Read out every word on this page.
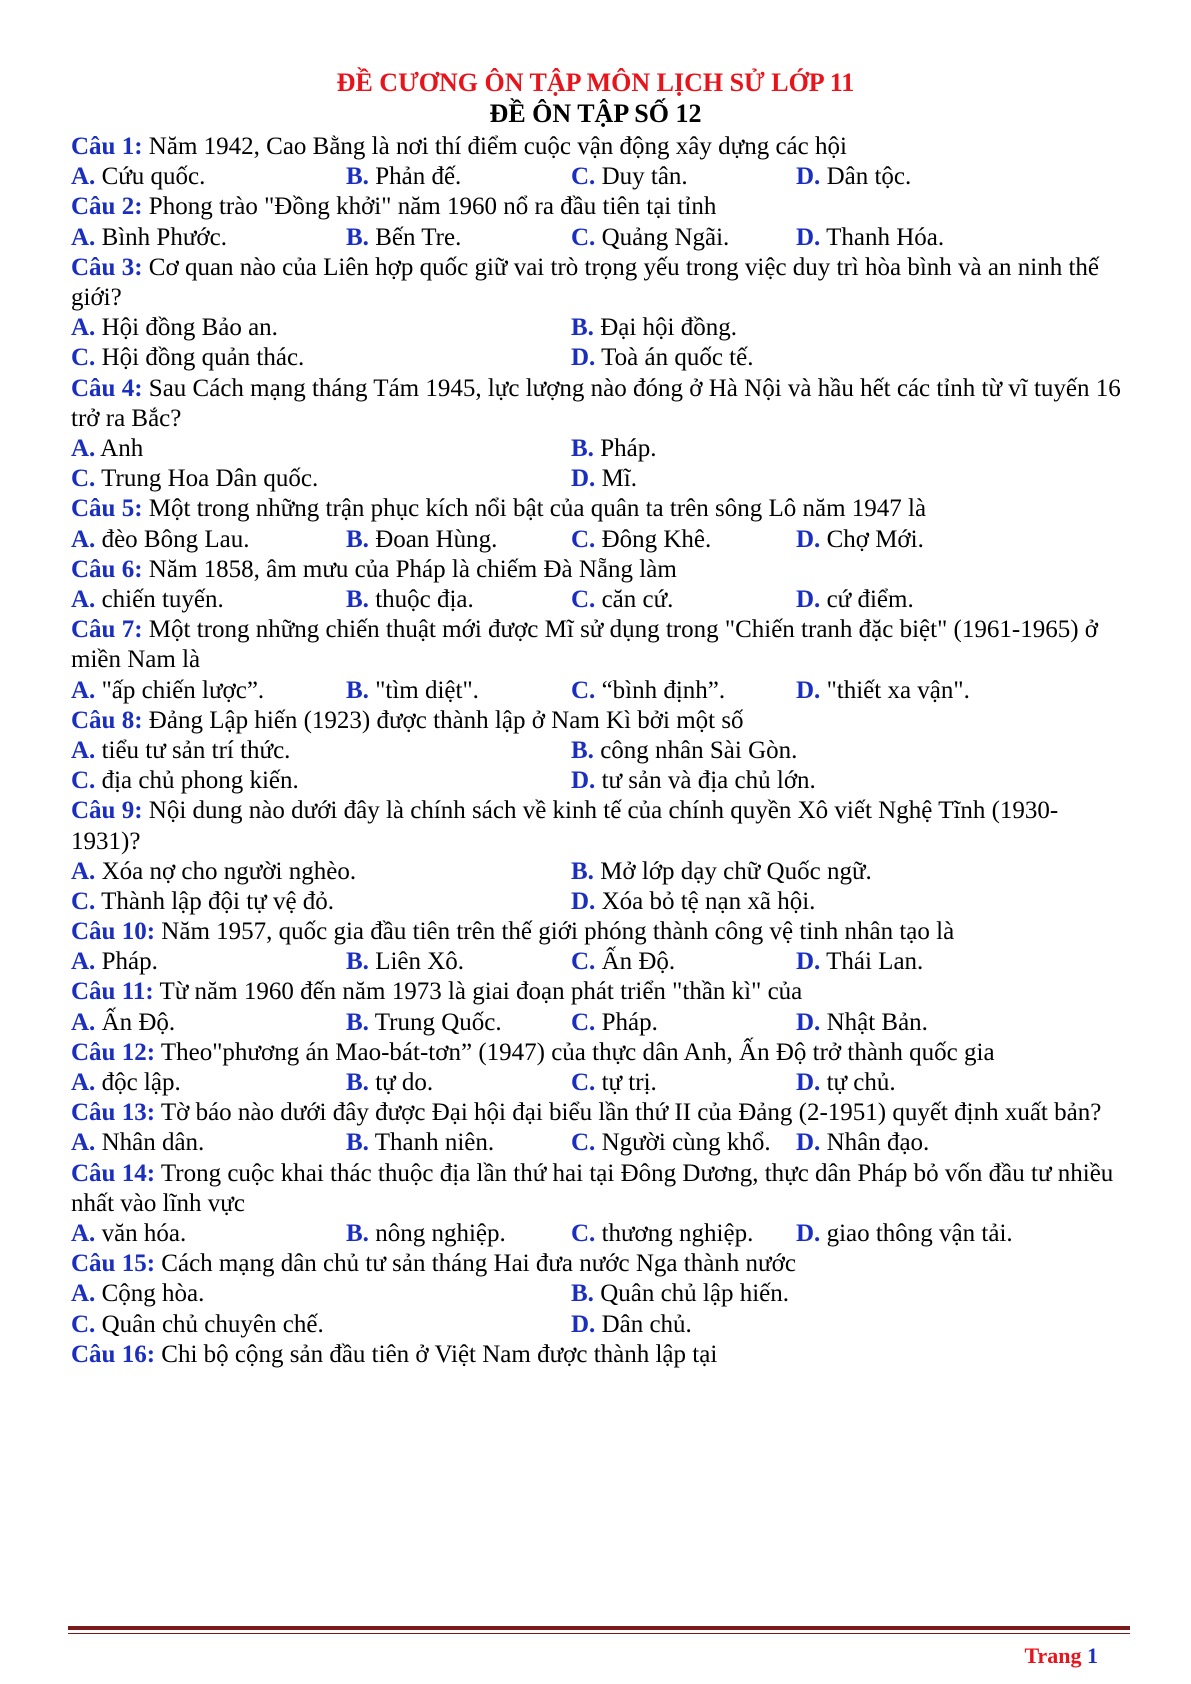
ĐỀ CƯƠNG ÔN TẬP MÔN LỊCH SỬ LỚP 11
ĐỀ ÔN TẬP SỐ 12
Câu 1: Năm 1942, Cao Bằng là nơi thí điểm cuộc vận động xây dựng các hội
A. Cứu quốc.	B. Phản đế.	C. Duy tân.	D. Dân tộc.
Câu 2: Phong trào "Đồng khởi" năm 1960 nổ ra đầu tiên tại tỉnh
A. Bình Phước.	B. Bến Tre.	C. Quảng Ngãi.	D. Thanh Hóa.
Câu 3: Cơ quan nào của Liên hợp quốc giữ vai trò trọng yếu trong việc duy trì hòa bình và an ninh thế giới?
A. Hội đồng Bảo an.	B. Đại hội đồng.
C. Hội đồng quản thác.	D. Toà án quốc tế.
Câu 4: Sau Cách mạng tháng Tám 1945, lực lượng nào đóng ở Hà Nội và hầu hết các tỉnh từ vĩ tuyến 16 trở ra Bắc?
A. Anh	B. Pháp.
C. Trung Hoa Dân quốc.	D. Mĩ.
Câu 5: Một trong những trận phục kích nổi bật của quân ta trên sông Lô năm 1947 là
A. đèo Bông Lau.	B. Đoan Hùng.	C. Đông Khê.	D. Chợ Mới.
Câu 6: Năm 1858, âm mưu của Pháp là chiếm Đà Nẵng làm
A. chiến tuyến.	B. thuộc địa.	C. căn cứ.	D. cứ điểm.
Câu 7: Một trong những chiến thuật mới được Mĩ sử dụng trong "Chiến tranh đặc biệt" (1961-1965) ở miền Nam là
A. "ấp chiến lược”.	B. "tìm diệt".	C. “bình định”.	D. "thiết xa vận".
Câu 8: Đảng Lập hiến (1923) được thành lập ở Nam Kì bởi một số
A. tiểu tư sản trí thức.	B. công nhân Sài Gòn.
C. địa chủ phong kiến.	D. tư sản và địa chủ lớn.
Câu 9: Nội dung nào dưới đây là chính sách về kinh tế của chính quyền Xô viết Nghệ Tĩnh (1930- 1931)?
A. Xóa nợ cho người nghèo.	B. Mở lớp dạy chữ Quốc ngữ.
C. Thành lập đội tự vệ đỏ.	D. Xóa bỏ tệ nạn xã hội.
Câu 10: Năm 1957, quốc gia đầu tiên trên thế giới phóng thành công vệ tinh nhân tạo là
A. Pháp.	B. Liên Xô.	C. Ấn Độ.	D. Thái Lan.
Câu 11: Từ năm 1960 đến năm 1973 là giai đoạn phát triển "thần kì" của
A. Ấn Độ.	B. Trung Quốc.	C. Pháp.	D. Nhật Bản.
Câu 12: Theo"phương án Mao-bát-tơn” (1947) của thực dân Anh, Ấn Độ trở thành quốc gia
A. độc lập.	B. tự do.	C. tự trị.	D. tự chủ.
Câu 13: Tờ báo nào dưới đây được Đại hội đại biểu lần thứ II của Đảng (2-1951) quyết định xuất bản?
A. Nhân dân.	B. Thanh niên.	C. Người cùng khổ. D. Nhân đạo.
Câu 14: Trong cuộc khai thác thuộc địa lần thứ hai tại Đông Dương, thực dân Pháp bỏ vốn đầu tư nhiều nhất vào lĩnh vực
A. văn hóa.	B. nông nghiệp.	C. thương nghiệp. D. giao thông vận tải.
Câu 15: Cách mạng dân chủ tư sản tháng Hai đưa nước Nga thành nước
A. Cộng hòa.	B. Quân chủ lập hiến.
C. Quân chủ chuyên chế.	D. Dân chủ.
Câu 16: Chi bộ cộng sản đầu tiên ở Việt Nam được thành lập tại
Trang 1
